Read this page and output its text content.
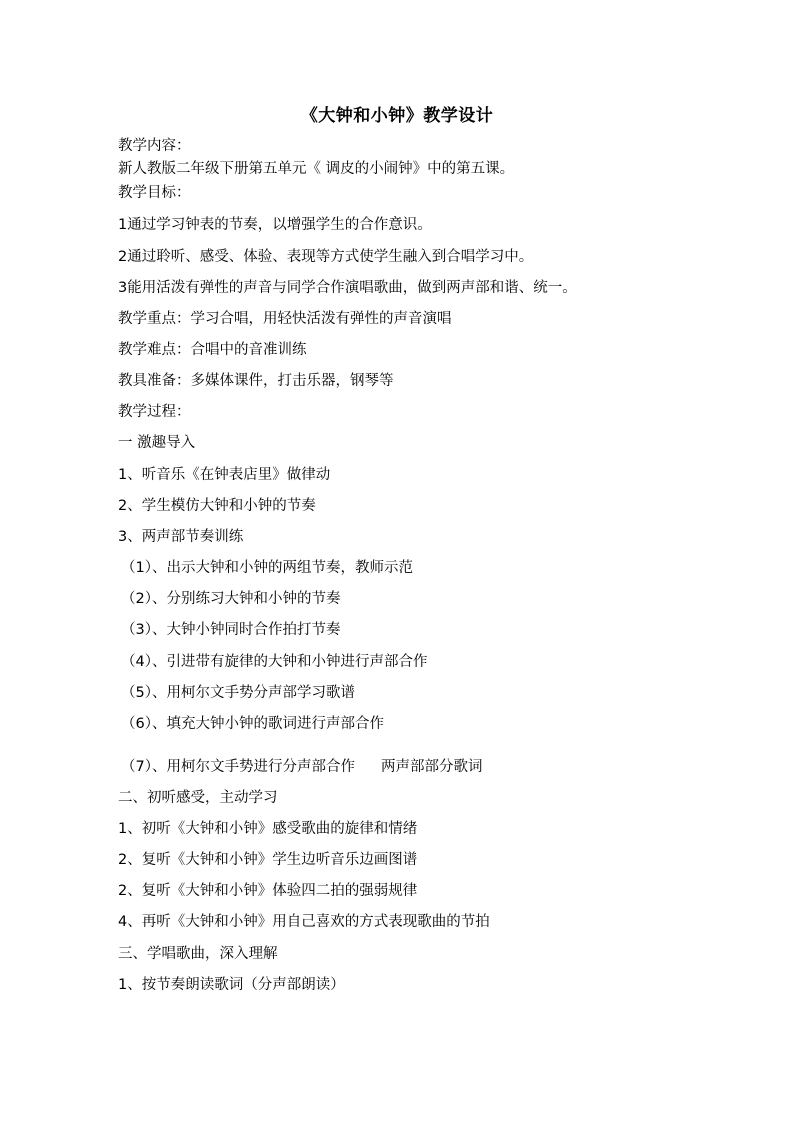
《大钟和小钟》教学设计
教学内容：
新人教版二年级下册第五单元《 调皮的小闹钟》中的第五课。
教学目标：
1通过学习钟表的节奏，以增强学生的合作意识。
2通过聆听、感受、体验、表现等方式使学生融入到合唱学习中。
3能用活泼有弹性的声音与同学合作演唱歌曲，做到两声部和谐、统一。
教学重点：学习合唱，用轻快活泼有弹性的声音演唱
教学难点：合唱中的音准训练
教具准备：多媒体课件，打击乐器，钢琴等
教学过程：
一 激趣导入
1、听音乐《在钟表店里》做律动
2、学生模仿大钟和小钟的节奏
3、两声部节奏训练
（1）、出示大钟和小钟的两组节奏，教师示范
（2）、分别练习大钟和小钟的节奏
（3）、大钟小钟同时合作拍打节奏
（4）、引进带有旋律的大钟和小钟进行声部合作
（5）、用柯尔文手势分声部学习歌谱
（6）、填充大钟小钟的歌词进行声部合作
（7）、用柯尔文手势进行分声部合作 两声部部分歌词
二、初听感受，主动学习
1、初听《大钟和小钟》感受歌曲的旋律和情绪
2、复听《大钟和小钟》学生边听音乐边画图谱
2、复听《大钟和小钟》体验四二拍的强弱规律
4、再听《大钟和小钟》用自己喜欢的方式表现歌曲的节拍
三、学唱歌曲，深入理解
1、按节奏朗读歌词（分声部朗读）
